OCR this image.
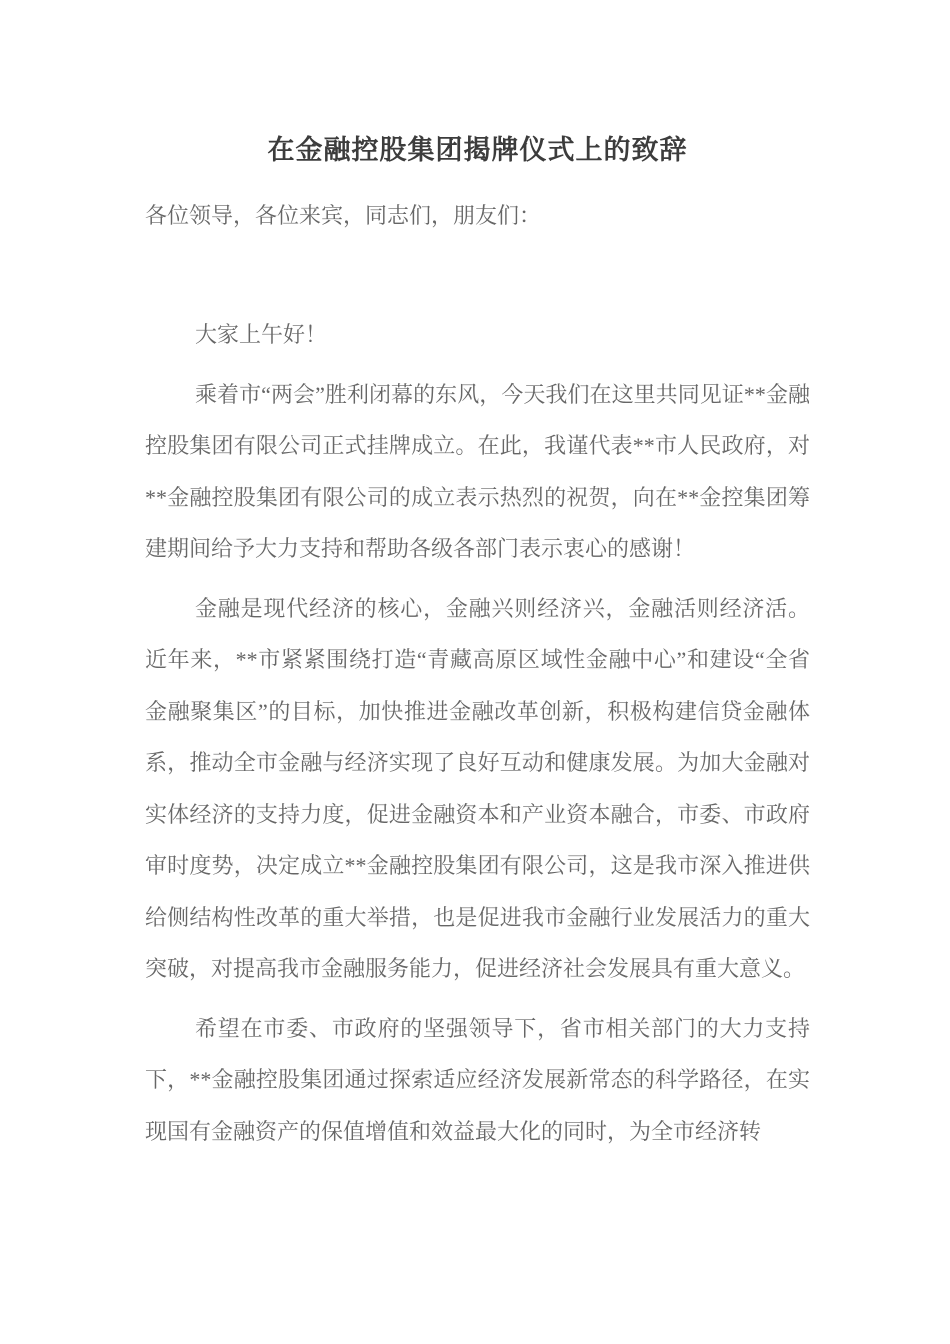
在金融控股集团揭牌仪式上的致辞

各位领导，各位来宾，同志们，朋友们：

大家上午好！

乘着市“两会”胜利闭幕的东风，今天我们在这里共同见证**金融控股集团有限公司正式挂牌成立。在此，我谨代表**市人民政府，对**金融控股集团有限公司的成立表示热烈的祝贺，向在**金控集团筹建期间给予大力支持和帮助各级各部门表示衷心的感谢！

金融是现代经济的核心，金融兴则经济兴，金融活则经济活。近年来，**市紧紧围绕打造“青藏高原区域性金融中心”和建设“全省金融聚集区”的目标，加快推进金融改革创新，积极构建信贷金融体系，推动全市金融与经济实现了良好互动和健康发展。为加大金融对实体经济的支持力度，促进金融资本和产业资本融合，市委、市政府审时度势，决定成立**金融控股集团有限公司，这是我市深入推进供给侧结构性改革的重大举措，也是促进我市金融行业发展活力的重大突破，对提高我市金融服务能力，促进经济社会发展具有重大意义。

希望在市委、市政府的坚强领导下，省市相关部门的大力支持下，**金融控股集团通过探索适应经济发展新常态的科学路径，在实现国有金融资产的保值增值和效益最大化的同时，为全市经济转
